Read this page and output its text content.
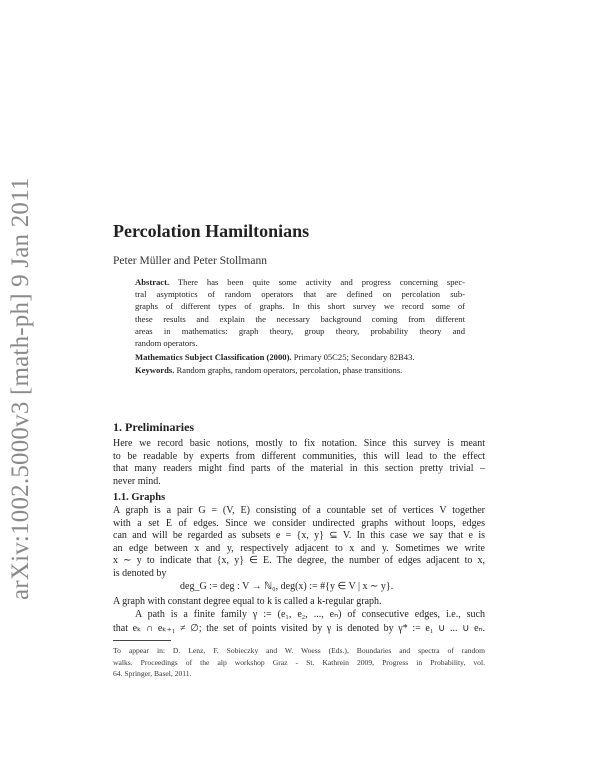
arXiv:1002.5000v3 [math-ph] 9 Jan 2011	Percolation Hamiltonians
Peter Müller and Peter Stollmann
Abstract. There has been quite some activity and progress concerning spec-
tral asymptotics of random operators that are defined on percolation sub-
graphs of different types of graphs. In this short survey we record some of
these results and explain the necessary background coming from different
areas in mathematics: graph theory, group theory, probability theory and
random operators.
Mathematics Subject Classification (2000). Primary 05C25; Secondary 82B43.
Keywords. Random graphs, random operators, percolation, phase transitions.
1. Preliminaries
Here we record basic notions, mostly to fix notation. Since this survey is meant
to be readable by experts from different communities, this will lead to the effect
that many readers might find parts of the material in this section pretty trivial –
never mind.
1.1. Graphs
A graph is a pair G = (V, E) consisting of a countable set of vertices V together
with a set E of edges. Since we consider undirected graphs without loops, edges
can and will be regarded as subsets e = {x, y} ⊆ V. In this case we say that e is
an edge between x and y, respectively adjacent to x and y. Sometimes we write
x ∼ y to indicate that {x, y} ∈ E. The degree, the number of edges adjacent to x,
is denoted by
deg_G := deg : V → ℕ₀, deg(x) := #{y ∈ V | x ∼ y}.
A graph with constant degree equal to k is called a k-regular graph.
A path is a finite family γ := (e₁, e₂, ..., eₙ) of consecutive edges, i.e., such
that eₖ ∩ eₖ₊₁ ≠ ∅; the set of points visited by γ is denoted by γ* := e₁ ∪ ... ∪ eₙ.
To appear in: D. Lenz, F. Sobieczky and W. Woess (Eds.), Boundaries and spectra of random
walks. Proceedings of the alp workshop Graz - St. Kathrein 2009, Progress in Probability, vol.
64. Springer, Basel, 2011.
